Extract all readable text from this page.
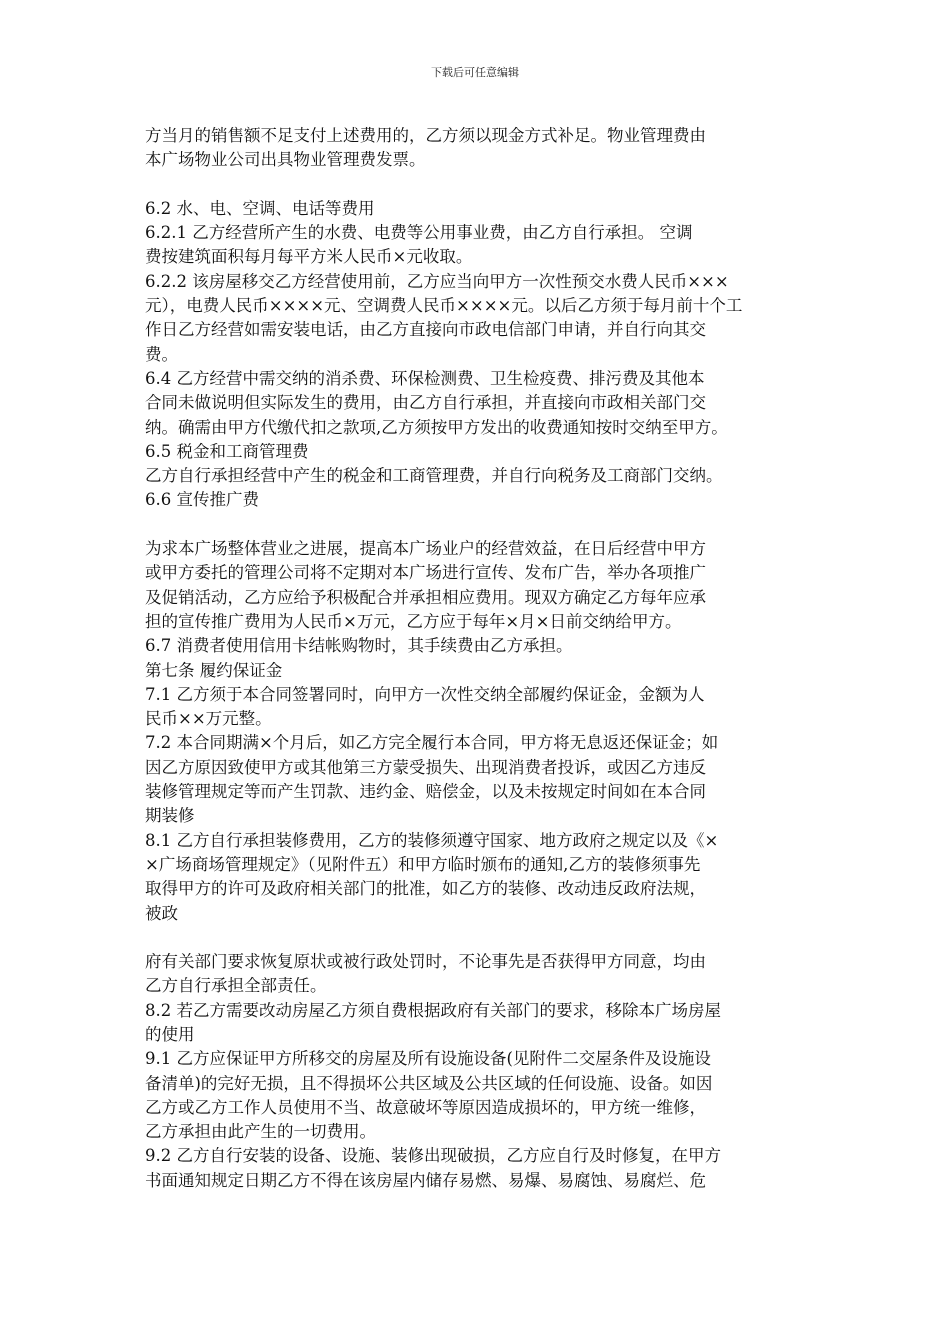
下载后可任意编辑
方当月的销售额不足支付上述费用的，乙方须以现金方式补足。物业管理费由
本广场物业公司出具物业管理费发票。
6.2 水、电、空调、电话等费用
6.2.1 乙方经营所产生的水费、电费等公用事业费，由乙方自行承担。 空调
费按建筑面积每月每平方米人民币×元收取。
6.2.2 该房屋移交乙方经营使用前，乙方应当向甲方一次性预交水费人民币×××
元），电费人民币××××元、空调费人民币××××元。以后乙方须于每月前十个工
作日乙方经营如需安装电话，由乙方直接向市政电信部门申请，并自行向其交
费。
6.4 乙方经营中需交纳的消杀费、环保检测费、卫生检疫费、排污费及其他本
合同未做说明但实际发生的费用，由乙方自行承担，并直接向市政相关部门交
纳。确需由甲方代缴代扣之款项,乙方须按甲方发出的收费通知按时交纳至甲方。
6.5 税金和工商管理费
乙方自行承担经营中产生的税金和工商管理费，并自行向税务及工商部门交纳。
6.6 宣传推广费
为求本广场整体营业之进展，提高本广场业户的经营效益，在日后经营中甲方
或甲方委托的管理公司将不定期对本广场进行宣传、发布广告，举办各项推广
及促销活动，乙方应给予积极配合并承担相应费用。现双方确定乙方每年应承
担的宣传推广费用为人民币×万元，乙方应于每年×月×日前交纳给甲方。
6.7 消费者使用信用卡结帐购物时，其手续费由乙方承担。
第七条 履约保证金
7.1 乙方须于本合同签署同时，向甲方一次性交纳全部履约保证金，金额为人
民币××万元整。
7.2 本合同期满×个月后，如乙方完全履行本合同，甲方将无息返还保证金；如
因乙方原因致使甲方或其他第三方蒙受损失、出现消费者投诉，或因乙方违反
装修管理规定等而产生罚款、违约金、赔偿金，以及未按规定时间如在本合同
期装修
8.1 乙方自行承担装修费用，乙方的装修须遵守国家、地方政府之规定以及《×
×广场商场管理规定》（见附件五）和甲方临时颁布的通知,乙方的装修须事先
取得甲方的许可及政府相关部门的批准，如乙方的装修、改动违反政府法规，
被政
府有关部门要求恢复原状或被行政处罚时，不论事先是否获得甲方同意，均由
乙方自行承担全部责任。
8.2 若乙方需要改动房屋乙方须自费根据政府有关部门的要求，移除本广场房屋
的使用
9.1 乙方应保证甲方所移交的房屋及所有设施设备(见附件二交屋条件及设施设
备清单)的完好无损，且不得损坏公共区域及公共区域的任何设施、设备。如因
乙方或乙方工作人员使用不当、故意破坏等原因造成损坏的，甲方统一维修，
乙方承担由此产生的一切费用。
9.2 乙方自行安装的设备、设施、装修出现破损，乙方应自行及时修复，在甲方
书面通知规定日期乙方不得在该房屋内储存易燃、易爆、易腐蚀、易腐烂、危
